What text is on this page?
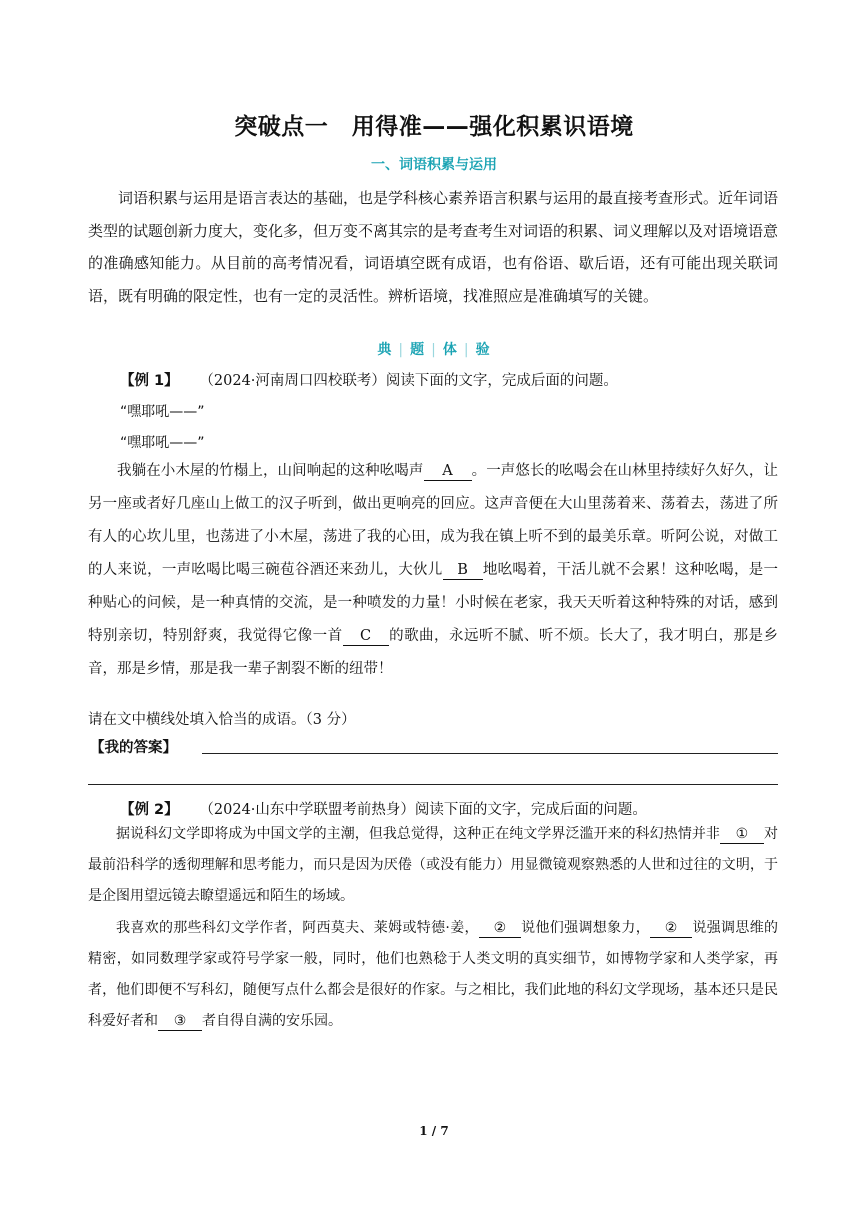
突破点一　用得准——强化积累识语境
一、词语积累与运用
词语积累与运用是语言表达的基础，也是学科核心素养语言积累与运用的最直接考查形式。近年词语类型的试题创新力度大，变化多，但万变不离其宗的是考查考生对词语的积累、词义理解以及对语境语意的准确感知能力。从目前的高考情况看，词语填空既有成语，也有俗语、歇后语，还有可能出现关联词语，既有明确的限定性，也有一定的灵活性。辨析语境，找准照应是准确填写的关键。
典 | 题 | 体 | 验
【例 1】 （2024·河南周口四校联考）阅读下面的文字，完成后面的问题。
“嘿耶吼——”
“嘿耶吼——”
我躺在小木屋的竹榻上，山间响起的这种吆喝声 A 。一声悠长的吆喝会在山林里持续好久好久，让另一座或者好几座山上做工的汉子听到，做出更响亮的回应。这声音便在大山里荡着来、荡着去，荡进了所有人的心坎儿里，也荡进了小木屋，荡进了我的心田，成为我在镇上听不到的最美乐章。听阿公说，对做工的人来说，一声吆喝比喝三碗苞谷酒还来劲儿，大伙儿 B 地吆喝着，干活儿就不会累！这种吆喝，是一种贴心的问候，是一种真情的交流，是一种喷发的力量！小时候在老家，我天天听着这种特殊的对话，感到特别亲切，特别舒爽，我觉得它像一首 C 的歌曲，永远听不腻、听不烦。长大了，我才明白，那是乡音，那是乡情，那是我一辈子割裂不断的纽带！
请在文中横线处填入恰当的成语。（3 分）
【我的答案】
【例 2】 （2024·山东中学联盟考前热身）阅读下面的文字，完成后面的问题。
据说科幻文学即将成为中国文学的主潮，但我总觉得，这种正在纯文学界泛滥开来的科幻热情并非 ① 对最前沿科学的透彻理解和思考能力，而只是因为厌倦（或没有能力）用显微镜观察熟悉的人世和过往的文明，于是企图用望远镜去瞭望遥远和陌生的场域。
我喜欢的那些科幻文学作者，阿西莫夫、莱姆或特德·姜， ② 说他们强调想象力， ② 说强调思维的精密，如同数理学家或符号学家一般，同时，他们也熟稔于人类文明的真实细节，如博物学家和人类学家，再者，他们即便不写科幻，随便写点什么都会是很好的作家。与之相比，我们此地的科幻文学现场，基本还只是民科爱好者和 ③ 者自得自满的安乐园。
1 / 7
